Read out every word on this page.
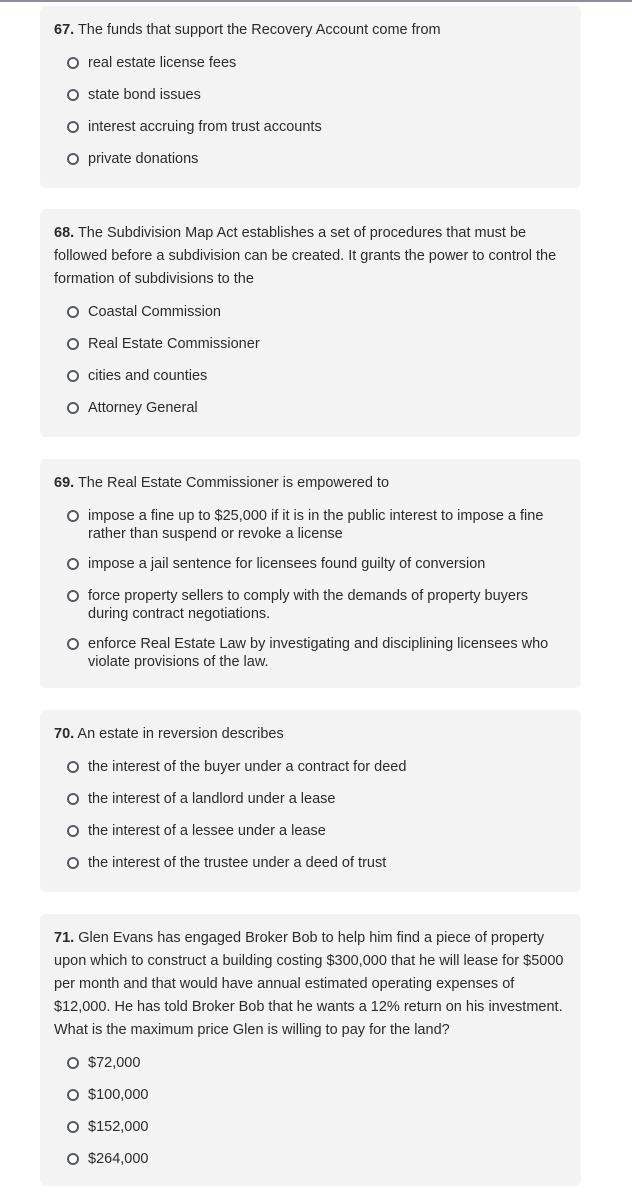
67. The funds that support the Recovery Account come from

real estate license fees
state bond issues
interest accruing from trust accounts
private donations

68. The Subdivision Map Act establishes a set of procedures that must be followed before a subdivision can be created. It grants the power to control the formation of subdivisions to the

Coastal Commission
Real Estate Commissioner
cities and counties
Attorney General

69. The Real Estate Commissioner is empowered to

impose a fine up to $25,000 if it is in the public interest to impose a fine rather than suspend or revoke a license
impose a jail sentence for licensees found guilty of conversion
force property sellers to comply with the demands of property buyers during contract negotiations.
enforce Real Estate Law by investigating and disciplining licensees who violate provisions of the law.

70. An estate in reversion describes

the interest of the buyer under a contract for deed
the interest of a landlord under a lease
the interest of a lessee under a lease
the interest of the trustee under a deed of trust

71. Glen Evans has engaged Broker Bob to help him find a piece of property upon which to construct a building costing $300,000 that he will lease for $5000 per month and that would have annual estimated operating expenses of $12,000. He has told Broker Bob that he wants a 12% return on his investment. What is the maximum price Glen is willing to pay for the land?

$72,000
$100,000
$152,000
$264,000
